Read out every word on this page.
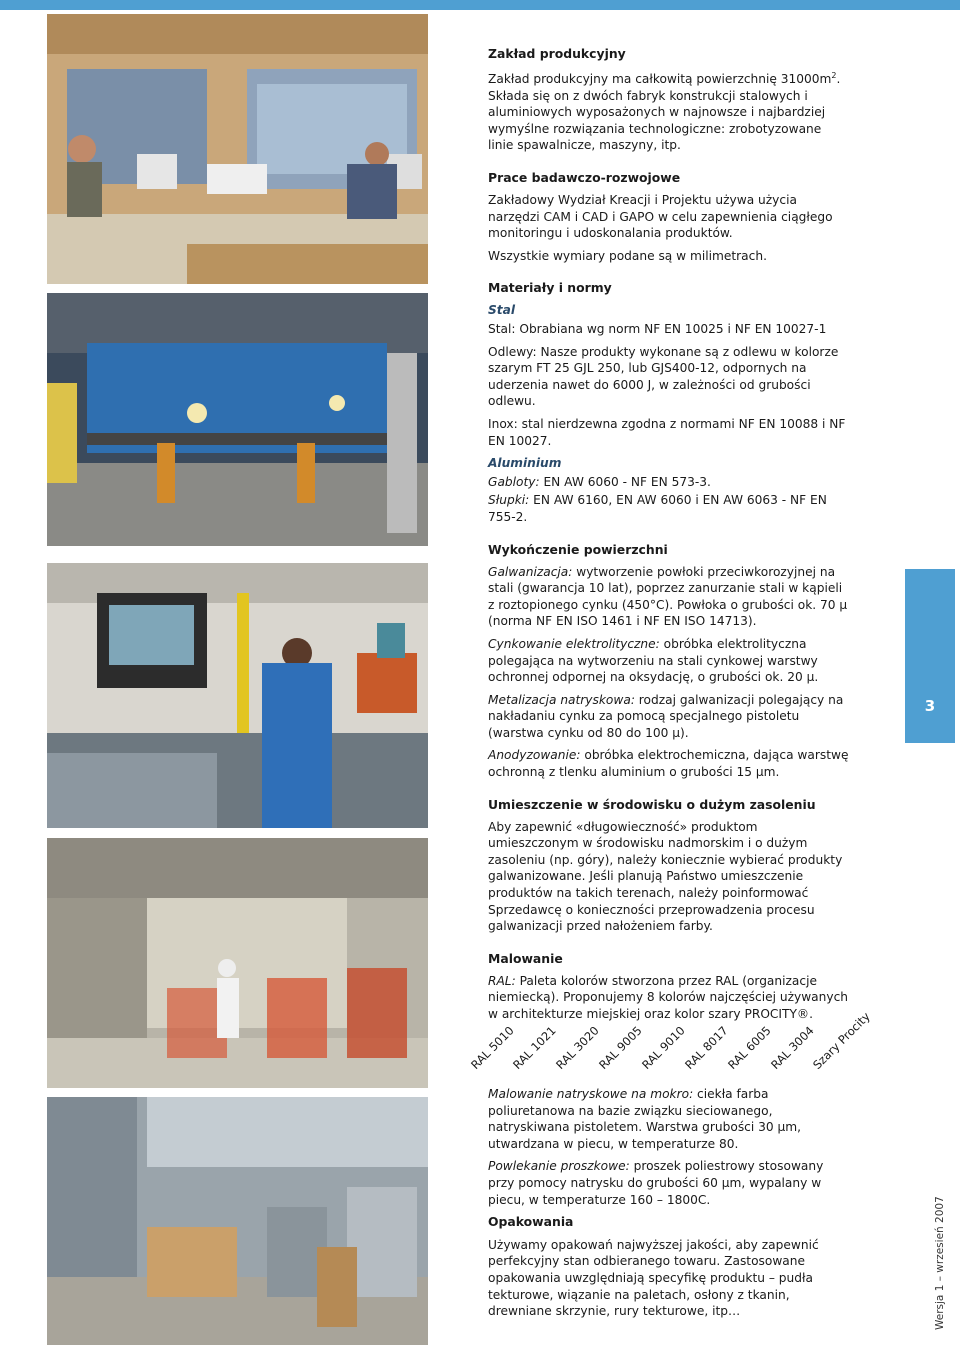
Zakład produkcyjny

Zakład produkcyjny ma całkowitą powierzchnię $31000m^2$. Składa się on z dwóch fabryk konstrukcji stalowych i aluminiowych wyposażonych w najnowsze i najbardziej wymyślne rozwiązania technologiczne: zrobotyzowane linie spawalnicze, maszyny, itp.

Prace badawczo-rozwojowe

Zakładowy Wydział Kreacji i Projektu używa użycia narzędzi CAM i CAD i GAPO w celu zapewnienia ciągłego monitoringu i udoskonalania produktów.

Wszystkie wymiary podane są w milimetrach.

Materiały i normy

Stal

Stal: Obrabiana wg norm NF EN 10025 i NF EN 10027-1

Odlewy: Nasze produkty wykonane są z odlewu w kolorze szarym FT 25 GJL 250, lub GJS400-12, odpornych na uderzenia nawet do 6000 J, w zależności od grubości odlewu.

Inox: stal nierdzewna zgodna z normami NF EN 10088 i NF EN 10027.

Aluminium

Gabloty: EN AW 6060 - NF EN 573-3.

Słupki: EN AW 6160, EN AW 6060 i EN AW 6063 - NF EN 755-2.

Wykończenie powierzchni

Galwanizacja: wytworzenie powłoki przeciwkorozyjnej na stali (gwarancja 10 lat), poprzez zanurzanie stali w kąpieli z roztopionego cynku (450°C). Powłoka o grubości ok. 70 µ (norma NF EN ISO 1461 i NF EN ISO 14713).

Cynkowanie elektrolityczne: obróbka elektrolityczna polegająca na wytworzeniu na stali cynkowej warstwy ochronnej odpornej na oksydację, o grubości ok. 20 µ.

Metalizacja natryskowa: rodzaj galwanizacji polegający na nakładaniu cynku za pomocą specjalnego pistoletu (warstwa cynku od 80 do 100 µ).

Anodyzowanie: obróbka elektrochemiczna, dająca warstwę ochronną z tlenku aluminium o grubości 15 µm.

Umieszczenie w środowisku o dużym zasoleniu

Aby zapewnić «długowieczność» produktom umieszczonym w środowisku nadmorskim i o dużym zasoleniu (np. góry), należy koniecznie wybierać produkty galwanizowane. Jeśli planują Państwo umieszczenie produktów na takich terenach, należy poinformować Sprzedawcę o konieczności przeprowadzenia procesu galwanizacji przed nałożeniem farby.

Malowanie

RAL: Paleta kolorów stworzona przez RAL (organizacje niemiecką). Proponujemy 8 kolorów najczęściej używanych w architekturze miejskiej oraz kolor szary PROCITY®.

3
RAL 5010
RAL 1021
RAL 3020
RAL 9005
RAL 9010
RAL 8017
RAL 6005
RAL 3004
Szary Procity

Malowanie natryskowe na mokro: ciekła farba poliuretanowa na bazie związku sieciowanego, natryskiwana pistoletem. Warstwa grubości 30 µm, utwardzana w piecu, w temperaturze 80.

Powlekanie proszkowe: proszek poliestrowy stosowany przy pomocy natrysku do grubości 60 µm, wypalany w piecu, w temperaturze 160 – 1800C.

Opakowania

Używamy opakowań najwyższej jakości, aby zapewnić perfekcyjny stan odbieranego towaru. Zastosowane opakowania uwzględniają specyfikę produktu – pudła tekturowe, wiązanie na paletach, osłony z tkanin, drewniane skrzynie, rury tekturowe, itp…	Wersja 1 – wrzesień 2007
